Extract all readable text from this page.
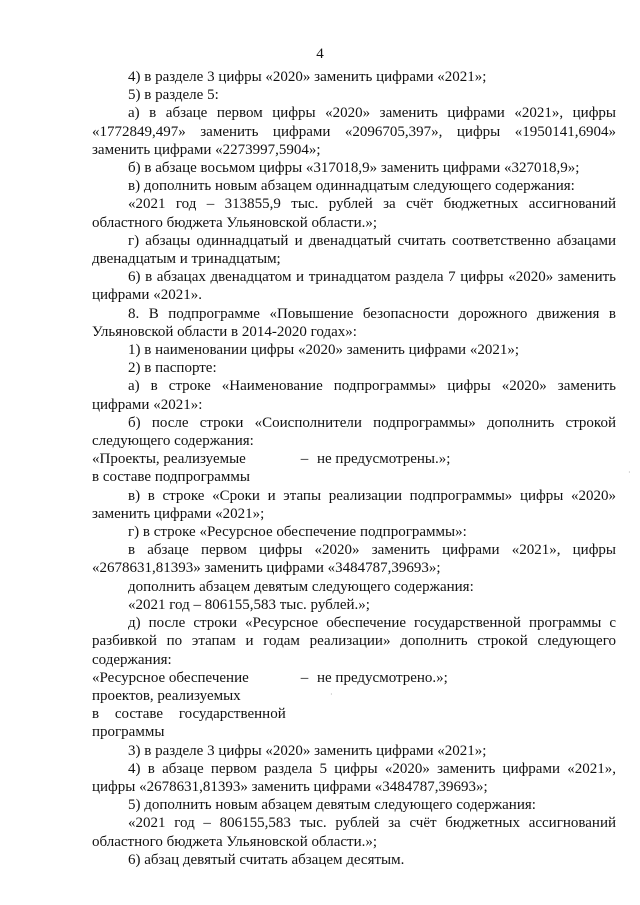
4

4) в разделе 3 цифры «2020» заменить цифрами «2021»;

5) в разделе 5:

а) в абзаце первом цифры «2020» заменить цифрами «2021», цифры «1772849,497» заменить цифрами «2096705,397», цифры «1950141,6904» заменить цифрами «2273997,5904»;

б) в абзаце восьмом цифры «317018,9» заменить цифрами «327018,9»;

в) дополнить новым абзацем одиннадцатым следующего содержания:

«2021 год – 313855,9 тыс. рублей за счёт бюджетных ассигнований областного бюджета Ульяновской области.»;

г) абзацы одиннадцатый и двенадцатый считать соответственно абзацами двенадцатым и тринадцатым;

6) в абзацах двенадцатом и тринадцатом раздела 7 цифры «2020» заменить цифрами «2021».

8. В подпрограмме «Повышение безопасности дорожного движения в Ульяновской области в 2014-2020 годах»:

1) в наименовании цифры «2020» заменить цифрами «2021»;

2) в паспорте:

а) в строке «Наименование подпрограммы» цифры «2020» заменить цифрами «2021»:

б) после строки «Соисполнители подпрограммы» дополнить строкой следующего содержания:

«Проекты, реализуемые
в составе подпрограммы
– не предусмотрены.»;

в) в строке «Сроки и этапы реализации подпрограммы» цифры «2020» заменить цифрами «2021»;

г) в строке «Ресурсное обеспечение подпрограммы»:

в абзаце первом цифры «2020» заменить цифрами «2021», цифры «2678631,81393» заменить цифрами «3484787,39693»;

дополнить абзацем девятым следующего содержания:

«2021 год – 806155,583 тыс. рублей.»;

д) после строки «Ресурсное обеспечение государственной программы с разбивкой по этапам и годам реализации» дополнить строкой следующего содержания:

«Ресурсное обеспечение
проектов, реализуемых
в составе государственной
программы
– не предусмотрено.»;

3) в разделе 3 цифры «2020» заменить цифрами «2021»;

4) в абзаце первом раздела 5 цифры «2020» заменить цифрами «2021», цифры «2678631,81393» заменить цифрами «3484787,39693»;

5) дополнить новым абзацем девятым следующего содержания:

«2021 год – 806155,583 тыс. рублей за счёт бюджетных ассигнований областного бюджета Ульяновской области.»;

6) абзац девятый считать абзацем десятым.

·
·
